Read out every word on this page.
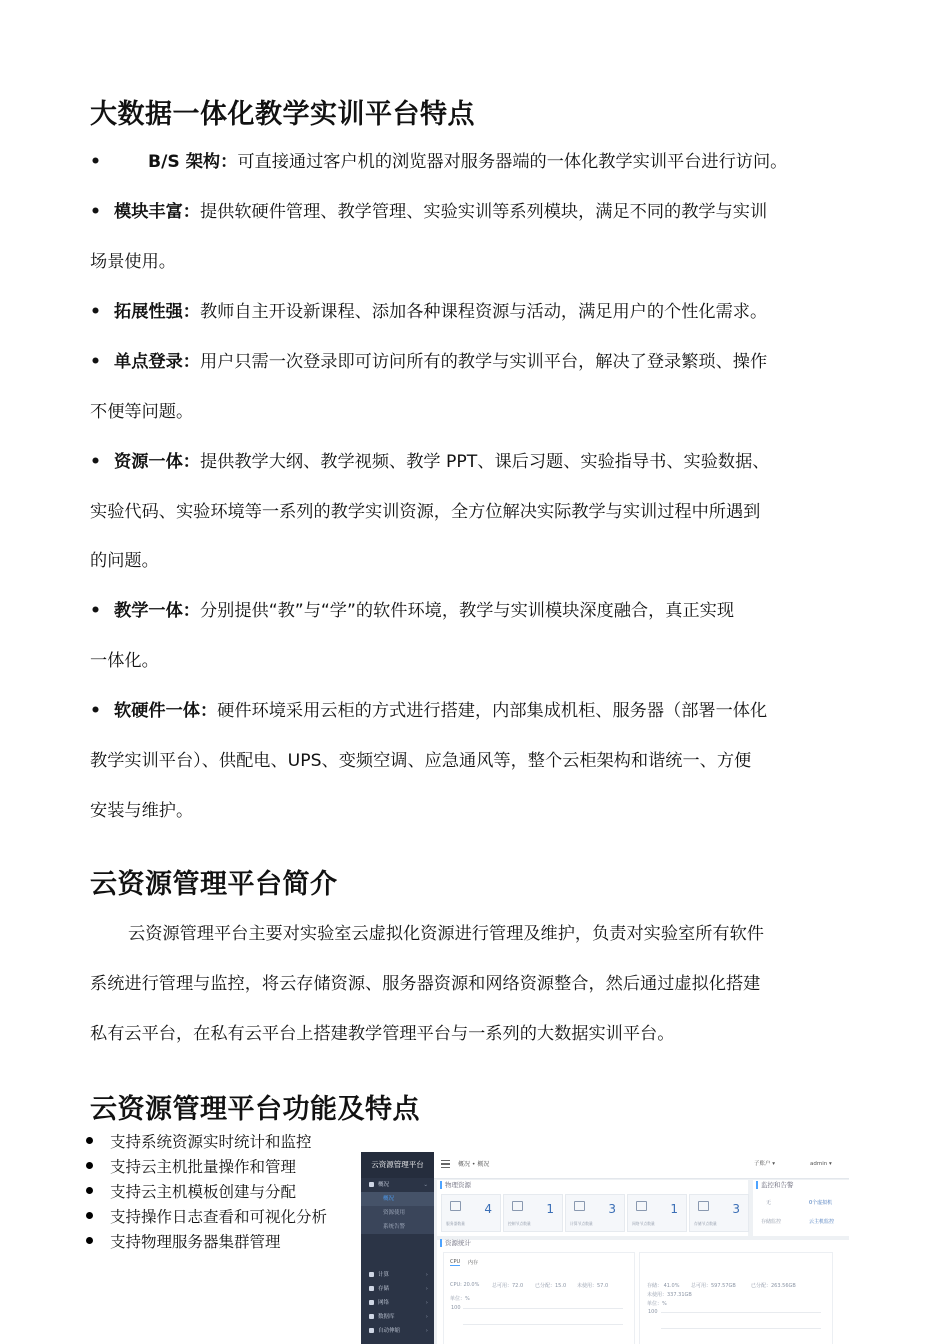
大数据一体化教学实训平台特点
•	B/S 架构：可直接通过客户机的浏览器对服务器端的一体化教学实训平台进行访问。
• 模块丰富：提供软硬件管理、教学管理、实验实训等系列模块，满足不同的教学与实训
场景使用。
• 拓展性强：教师自主开设新课程、添加各种课程资源与活动，满足用户的个性化需求。
• 单点登录：用户只需一次登录即可访问所有的教学与实训平台，解决了登录繁琐、操作
不便等问题。
• 资源一体：提供教学大纲、教学视频、教学 PPT、课后习题、实验指导书、实验数据、
实验代码、实验环境等一系列的教学实训资源，全方位解决实际教学与实训过程中所遇到
的问题。
• 教学一体：分别提供“教”与“学”的软件环境，教学与实训模块深度融合，真正实现
一体化。
• 软硬件一体：硬件环境采用云柜的方式进行搭建，内部集成机柜、服务器（部署一体化
教学实训平台）、供配电、UPS、变频空调、应急通风等，整个云柜架构和谐统一、方便
安装与维护。
云资源管理平台简介
云资源管理平台主要对实验室云虚拟化资源进行管理及维护，负责对实验室所有软件
系统进行管理与监控，将云存储资源、服务器资源和网络资源整合，然后通过虚拟化搭建
私有云平台，在私有云平台上搭建教学管理平台与一系列的大数据实训平台。
云资源管理平台功能及特点
支持系统资源实时统计和监控
支持云主机批量操作和管理
支持云主机模板创建与分配
支持操作日志查看和可视化分析
支持物理服务器集群管理
云资源管理平台
概况	⌄
概况
资源使用
系统告警
计算	›
存储	›
网络	›
数据库	›
自动伸缩	›
概况 • 概况	子账户 ▾	admin ▾
物理资源
4
服务器数量
1
控制节点数量
3
计算节点数量
1
网络节点数量
3
存储节点数量
监控和告警
无	0个虚拟机
存储监控	云主机监控
资源统计
CPU 内存
CPU: 20.0%	总可用：72.0 已分配：15.0 未使用：57.0
单位：%
100
存储： 41.0% 总可用：597.57GB	已分配：263.56GB
未使用：337.31GB
单位：%
100
